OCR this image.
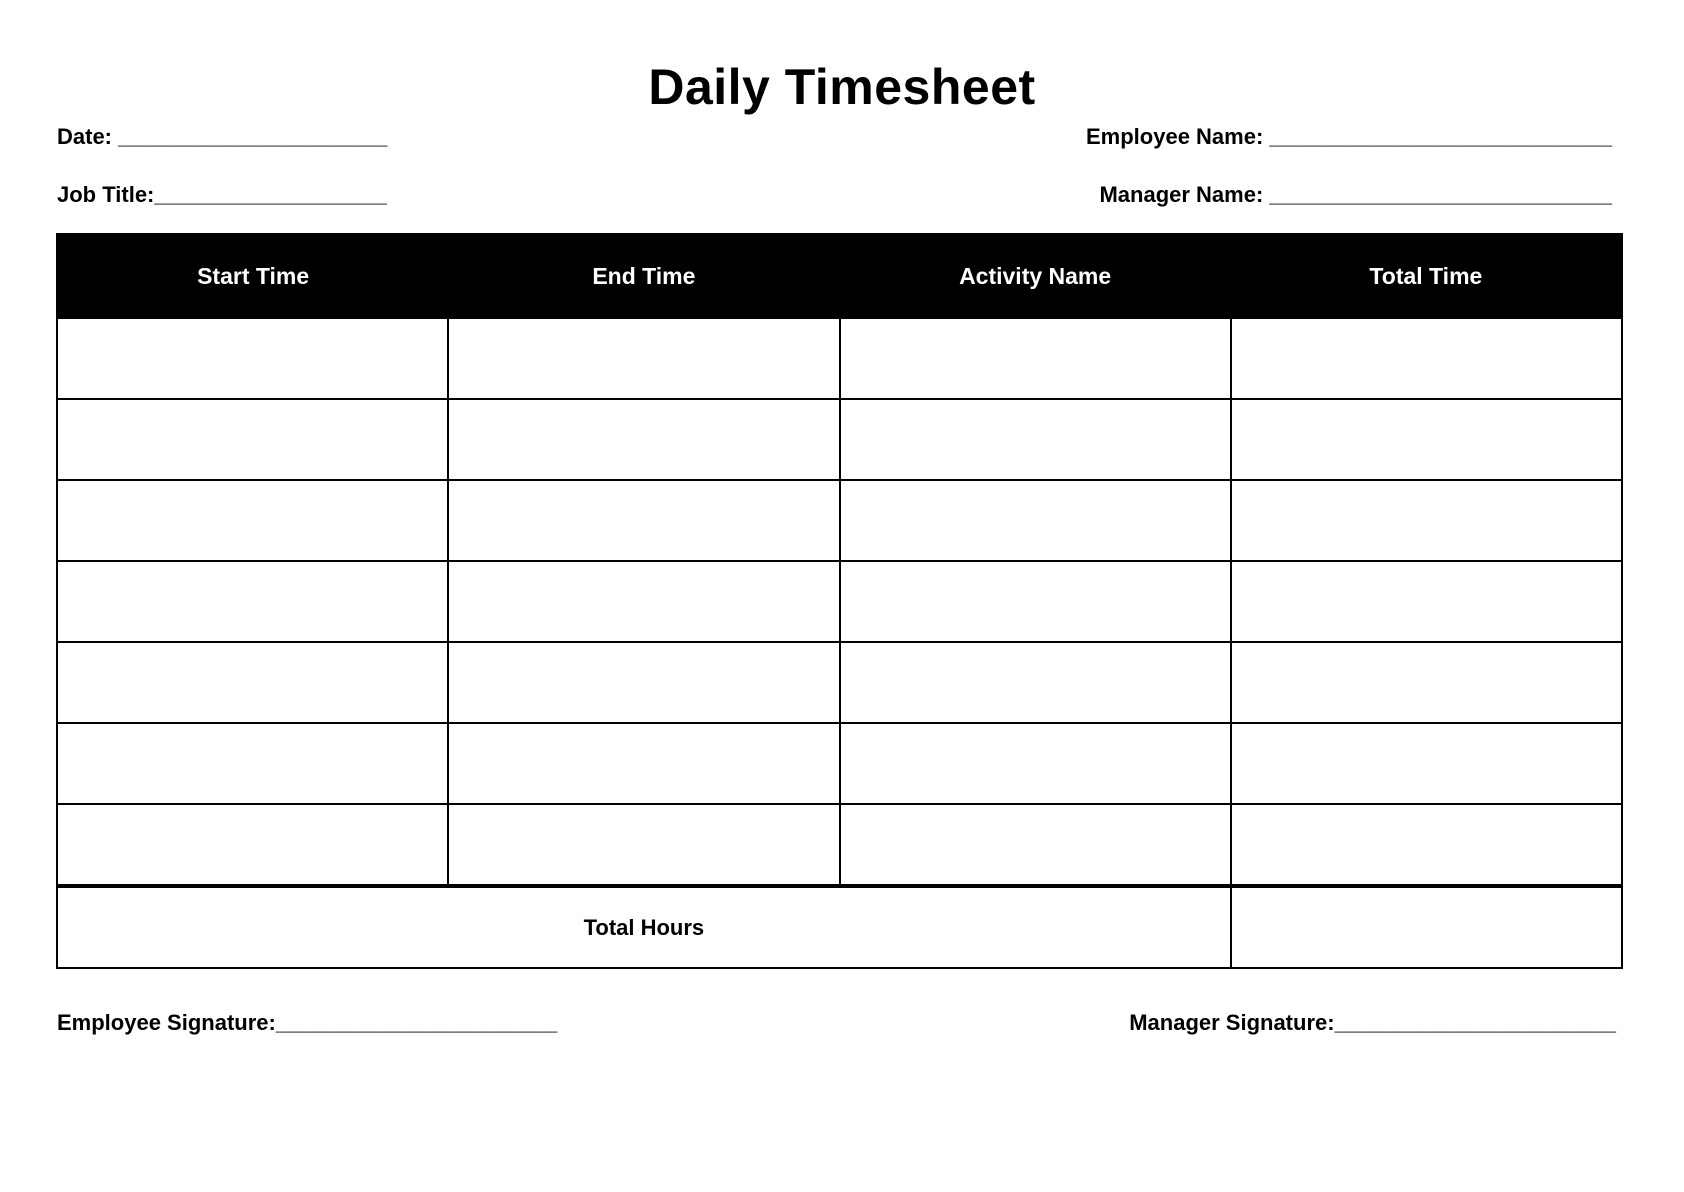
Daily Timesheet
Date: ______________________	Employee Name: ____________________________
Job Title:___________________	Manager Name: ____________________________
Start Time	End Time	Activity Name	Total Time

Total Hours			
Employee Signature:_______________________	Manager Signature:_______________________
